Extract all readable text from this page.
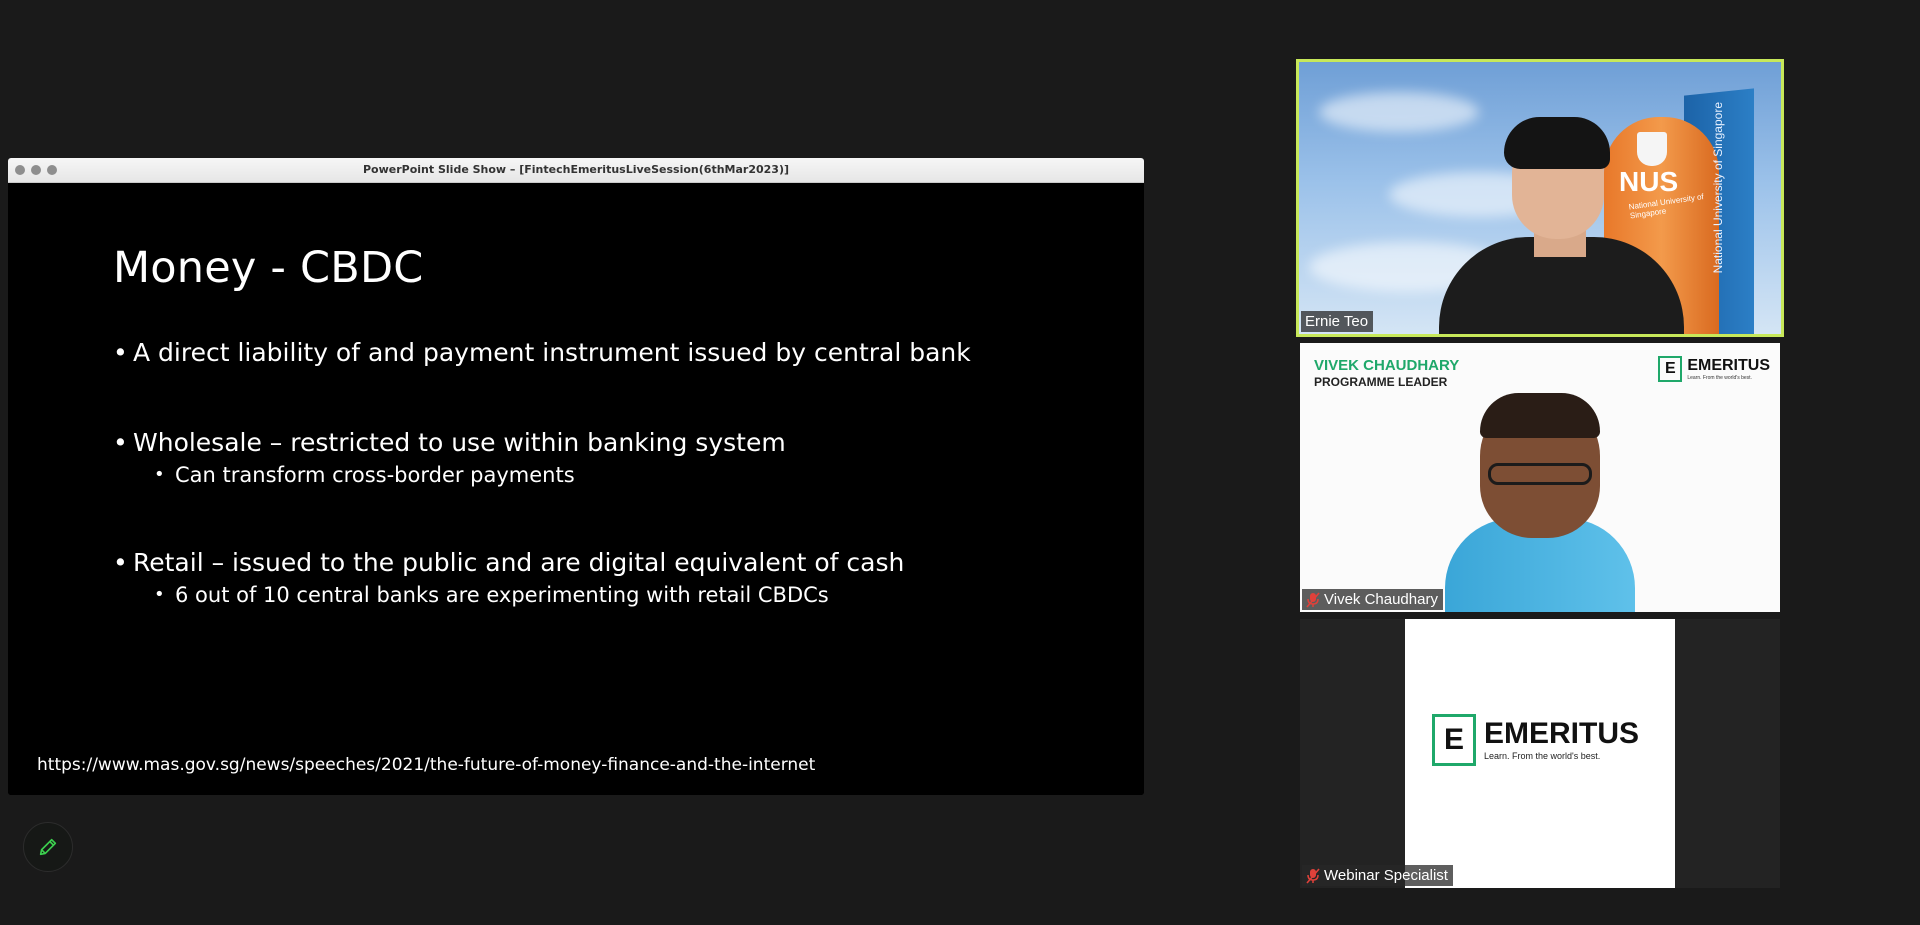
PowerPoint Slide Show – [FintechEmeritusLiveSession(6thMar2023)]
Money - CBDC
• A direct liability of and payment instrument issued by central bank
• Wholesale – restricted to use within banking system
• Can transform cross-border payments
• Retail – issued to the public and are digital equivalent of cash
• 6 out of 10 central banks are experimenting with retail CBDCs
https://www.mas.gov.sg/news/speeches/2021/the-future-of-money-finance-and-the-internet
NUS
National University of Singapore	National University of Singapore
Ernie Teo
VIVEK CHAUDHARY
PROGRAMME LEADER
E EMERITUS
Learn. From the world's best.
Vivek Chaudhary
E EMERITUS
Learn. From the world's best.
Webinar Specialist
